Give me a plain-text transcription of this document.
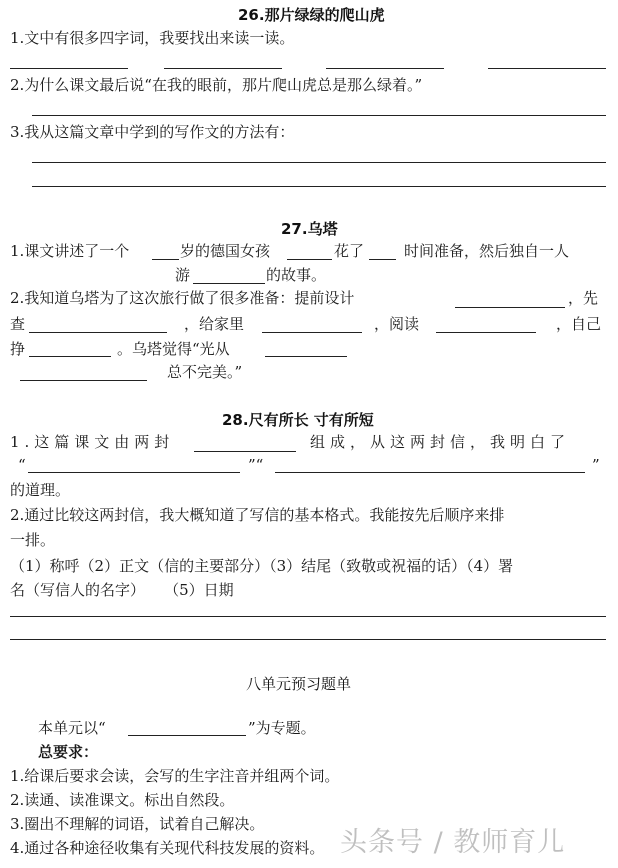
26.那片绿绿的爬山虎
1.文中有很多四字词，我要找出来读一读。
2.为什么课文最后说“在我的眼前，那片爬山虎总是那么绿着。”
3.我从这篇文章中学到的写作文的方法有：
27.乌塔
1.课文讲述了一个	岁的德国女孩	花了	时间准备，然后独自一人
游	的故事。
2.我知道乌塔为了这次旅行做了很多准备：提前设计	，先
查	，给家里	，阅读	，自己
挣	。乌塔觉得“光从
总不完美。”
28.尺有所长 寸有所短
1.这篇课文由两封	组成，从这两封信，我明白了
“	”“	”
的道理。
2.通过比较这两封信，我大概知道了写信的基本格式。我能按先后顺序来排
一排。
（1）称呼（2）正文（信的主要部分）（3）结尾（致敬或祝福的话）（4）署
名（写信人的名字）    （5）日期
八单元预习题单
本单元以“	”为专题。
总要求：
1.给课后要求会读，会写的生字注音并组两个词。
2.读通、读准课文。标出自然段。
3.圈出不理解的词语，试着自己解决。
4.通过各种途径收集有关现代科技发展的资料。 头条号 / 教师育儿
